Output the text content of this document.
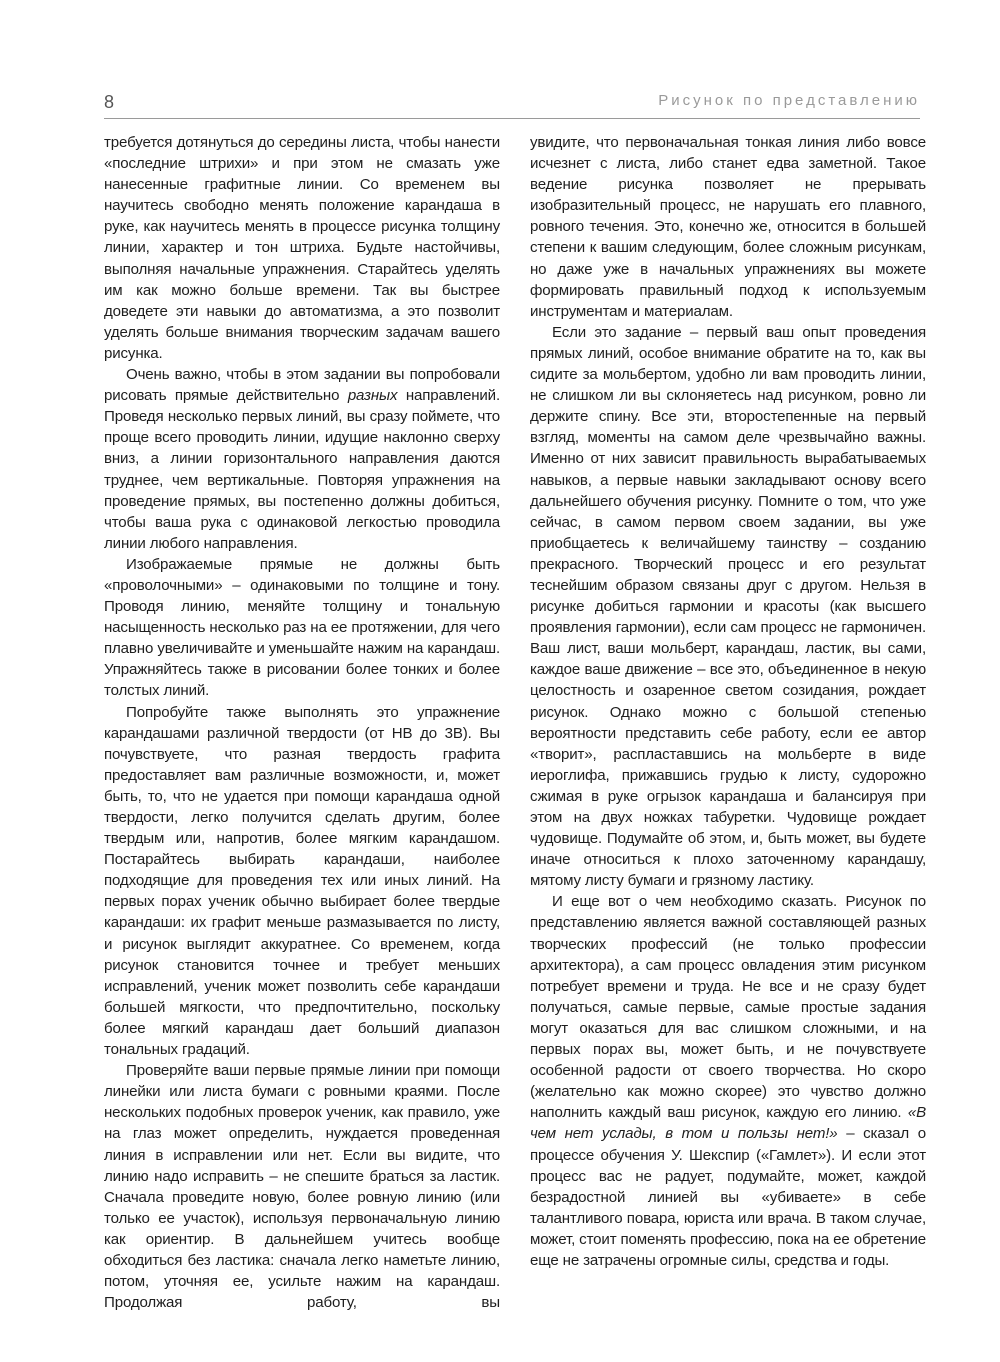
8	Рисунок по представлению

требуется дотянуться до середины листа, чтобы нанести «последние штрихи» и при этом не смазать уже нанесенные графитные линии. Со временем вы научитесь свободно менять положение карандаша в руке, как научитесь менять в процессе рисунка толщину линии, характер и тон штриха. Будьте настойчивы, выполняя начальные упражнения. Старайтесь уделять им как можно больше времени. Так вы быстрее доведете эти навыки до автоматизма, а это позволит уделять больше внимания творческим задачам вашего рисунка.

Очень важно, чтобы в этом задании вы попробовали рисовать прямые действительно разных направлений. Проведя несколько первых линий, вы сразу поймете, что проще всего проводить линии, идущие наклонно сверху вниз, а линии горизонтального направления даются труднее, чем вертикальные. Повторяя упражнения на проведение прямых, вы постепенно должны добиться, чтобы ваша рука с одинаковой легкостью проводила линии любого направления.

Изображаемые прямые не должны быть «проволочными» – одинаковыми по толщине и тону. Проводя линию, меняйте толщину и тональную насыщенность несколько раз на ее протяжении, для чего плавно увеличивайте и уменьшайте нажим на карандаш. Упражняйтесь также в рисовании более тонких и более толстых линий.

Попробуйте также выполнять это упражнение карандашами различной твердости (от НВ до 3В). Вы почувствуете, что разная твердость графита предоставляет вам различные возможности, и, может быть, то, что не удается при помощи карандаша одной твердости, легко получится сделать другим, более твердым или, напротив, более мягким карандашом. Постарайтесь выбирать карандаши, наиболее подходящие для проведения тех или иных линий. На первых порах ученик обычно выбирает более твердые карандаши: их графит меньше размазывается по листу, и рисунок выглядит аккуратнее. Со временем, когда рисунок становится точнее и требует меньших исправлений, ученик может позволить себе карандаши большей мягкости, что предпочтительно, поскольку более мягкий карандаш дает больший диапазон тональных градаций.

Проверяйте ваши первые прямые линии при помощи линейки или листа бумаги с ровными краями. После нескольких подобных проверок ученик, как правило, уже на глаз может определить, нуждается проведенная линия в исправлении или нет. Если вы видите, что линию надо исправить – не спешите браться за ластик. Сначала проведите новую, более ровную линию (или только ее участок), используя первоначальную линию как ориентир. В дальнейшем учитесь вообще обходиться без ластика: сначала легко наметьте линию, потом, уточняя ее, усильте нажим на карандаш. Продолжая работу, вы

увидите, что первоначальная тонкая линия либо вовсе исчезнет с листа, либо станет едва заметной. Такое ведение рисунка позволяет не прерывать изобразительный процесс, не нарушать его плавного, ровного течения. Это, конечно же, относится в большей степени к вашим следующим, более сложным рисункам, но даже уже в начальных упражнениях вы можете формировать правильный подход к используемым инструментам и материалам.

Если это задание – первый ваш опыт проведения прямых линий, особое внимание обратите на то, как вы сидите за мольбертом, удобно ли вам проводить линии, не слишком ли вы склоняетесь над рисунком, ровно ли держите спину. Все эти, второстепенные на первый взгляд, моменты на самом деле чрезвычайно важны. Именно от них зависит правильность вырабатываемых навыков, а первые навыки закладывают основу всего дальнейшего обучения рисунку. Помните о том, что уже сейчас, в самом первом своем задании, вы уже приобщаетесь к величайшему таинству – созданию прекрасного. Творческий процесс и его результат теснейшим образом связаны друг с другом. Нельзя в рисунке добиться гармонии и красоты (как высшего проявления гармонии), если сам процесс не гармоничен. Ваш лист, ваши мольберт, карандаш, ластик, вы сами, каждое ваше движение – все это, объединенное в некую целостность и озаренное светом созидания, рождает рисунок. Однако можно с большой степенью вероятности представить себе работу, если ее автор «творит», распластавшись на мольберте в виде иероглифа, прижавшись грудью к листу, судорожно сжимая в руке огрызок карандаша и балансируя при этом на двух ножках табуретки. Чудовище рождает чудовище. Подумайте об этом, и, быть может, вы будете иначе относиться к плохо заточенному карандашу, мятому листу бумаги и грязному ластику.

И еще вот о чем необходимо сказать. Рисунок по представлению является важной составляющей разных творческих профессий (не только профессии архитектора), а сам процесс овладения этим рисунком потребует времени и труда. Не все и не сразу будет получаться, самые первые, самые простые задания могут оказаться для вас слишком сложными, и на первых порах вы, может быть, и не почувствуете особенной радости от своего творчества. Но скоро (желательно как можно скорее) это чувство должно наполнить каждый ваш рисунок, каждую его линию. «В чем нет услады, в том и пользы нет!» – сказал о процессе обучения У. Шекспир («Гамлет»). И если этот процесс вас не радует, подумайте, может, каждой безрадостной линией вы «убиваете» в себе талантливого повара, юриста или врача. В таком случае, может, стоит поменять профессию, пока на ее обретение еще не затрачены огромные силы, средства и годы.
